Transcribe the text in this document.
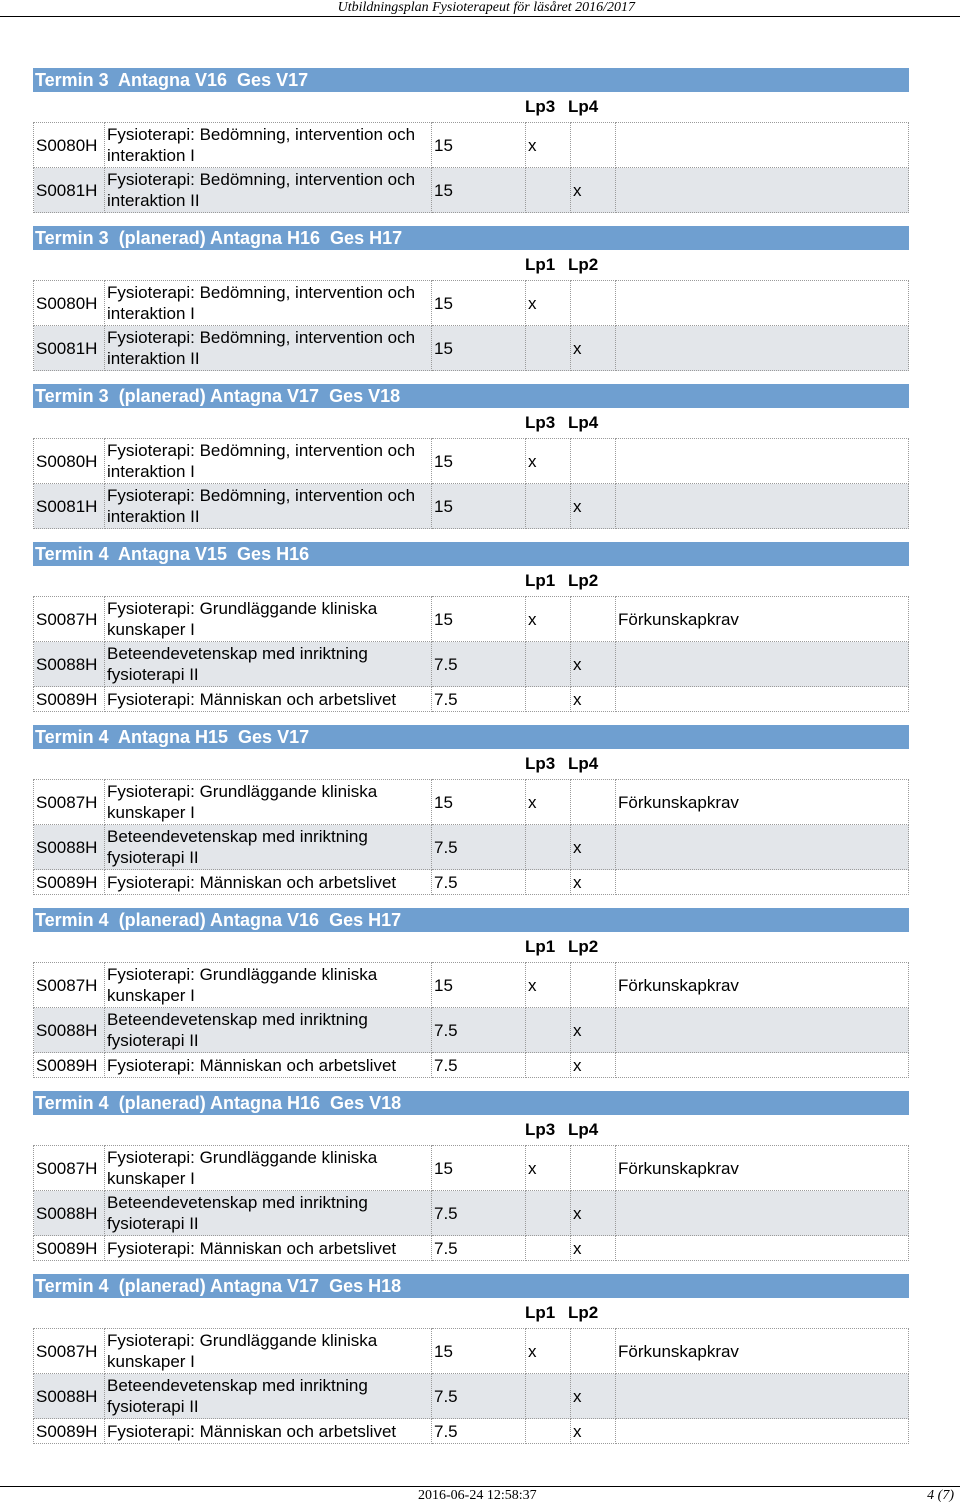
Utbildningsplan Fysioterapeut för läsåret 2016/2017
Termin 3  Antagna V16  Ges V17
Lp3 Lp4
S0080H	Fysioterapi: Bedömning, intervention och interaktion I	15	x		
S0081H	Fysioterapi: Bedömning, intervention och interaktion II	15		x	
Termin 3  (planerad) Antagna H16  Ges H17
Lp1 Lp2
S0080H	Fysioterapi: Bedömning, intervention och interaktion I	15	x		
S0081H	Fysioterapi: Bedömning, intervention och interaktion II	15		x	
Termin 3  (planerad) Antagna V17  Ges V18
Lp3 Lp4
S0080H	Fysioterapi: Bedömning, intervention och interaktion I	15	x		
S0081H	Fysioterapi: Bedömning, intervention och interaktion II	15		x	
Termin 4  Antagna V15  Ges H16
Lp1 Lp2
S0087H	Fysioterapi: Grundläggande kliniska kunskaper I	15	x		Förkunskapkrav
S0088H	Beteendevetenskap med inriktning fysioterapi II	7.5		x	
S0089H	Fysioterapi: Människan och arbetslivet	7.5		x	
Termin 4  Antagna H15  Ges V17
Lp3 Lp4
S0087H	Fysioterapi: Grundläggande kliniska kunskaper I	15	x		Förkunskapkrav
S0088H	Beteendevetenskap med inriktning fysioterapi II	7.5		x	
S0089H	Fysioterapi: Människan och arbetslivet	7.5		x	
Termin 4  (planerad) Antagna V16  Ges H17
Lp1 Lp2
S0087H	Fysioterapi: Grundläggande kliniska kunskaper I	15	x		Förkunskapkrav
S0088H	Beteendevetenskap med inriktning fysioterapi II	7.5		x	
S0089H	Fysioterapi: Människan och arbetslivet	7.5		x	
Termin 4  (planerad) Antagna H16  Ges V18
Lp3 Lp4
S0087H	Fysioterapi: Grundläggande kliniska kunskaper I	15	x		Förkunskapkrav
S0088H	Beteendevetenskap med inriktning fysioterapi II	7.5		x	
S0089H	Fysioterapi: Människan och arbetslivet	7.5		x	
Termin 4  (planerad) Antagna V17  Ges H18
Lp1 Lp2
S0087H	Fysioterapi: Grundläggande kliniska kunskaper I	15	x		Förkunskapkrav
S0088H	Beteendevetenskap med inriktning fysioterapi II	7.5		x	
S0089H	Fysioterapi: Människan och arbetslivet	7.5		x	
2016-06-24 12:58:37	4 (7)
